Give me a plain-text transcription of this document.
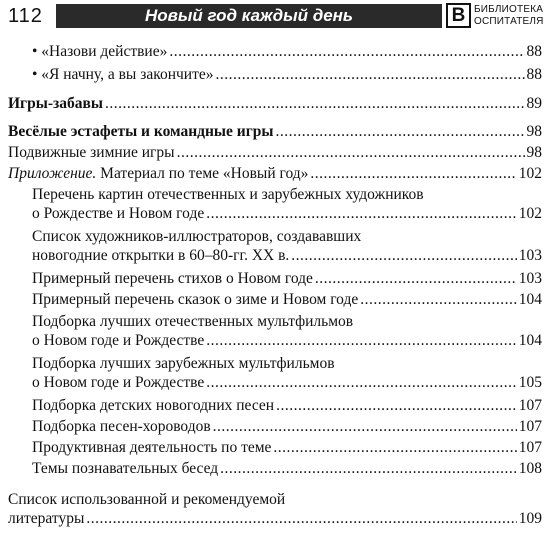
112	Новый год каждый день	В БИБЛИОТЕКА
ОСПИТАТЕЛЯ
• «Назови действие» .....	88
• «Я начну, а вы закончите» .....	88
Игры-забавы .....	89
Весёлые эстафеты и командные игры .....	98
Подвижные зимние игры .....	98
Приложение. Материал по теме «Новый год» .....	102
Перечень картин отечественных и зарубежных художников
о Рождестве и Новом годе .....	102
Список художников-иллюстраторов, создававших
новогодние открытки в 60–80-гг. XX в. .....	103
Примерный перечень стихов о Новом годе .....	103
Примерный перечень сказок о зиме и Новом годе .....	104
Подборка лучших отечественных мультфильмов
о Новом годе и Рождестве .....	104
Подборка лучших зарубежных мультфильмов
о Новом годе и Рождестве .....	105
Подборка детских новогодних песен .....	107
Подборка песен-хороводов .....	107
Продуктивная деятельность по теме .....	107
Темы познавательных бесед .....	108
Список использованной и рекомендуемой
литературы .....	109
